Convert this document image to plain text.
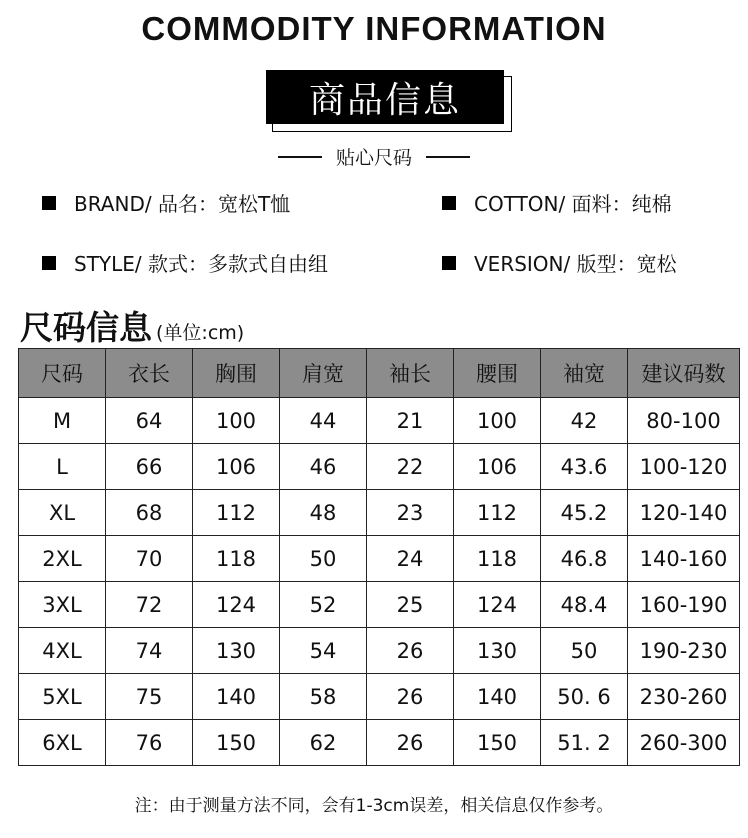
COMMODITY INFORMATION
商品信息
贴心尺码
BRAND/ 品名：宽松T恤	COTTON/ 面料：纯棉
STYLE/ 款式：多款式自由组	VERSION/ 版型：宽松
尺码信息 (单位:cm)
尺码	衣长	胸围	肩宽	袖长	腰围	袖宽	建议码数
M	64	100	44	21	100	42	80-100
L	66	106	46	22	106	43.6	100-120
XL	68	112	48	23	112	45.2	120-140
2XL	70	118	50	24	118	46.8	140-160
3XL	72	124	52	25	124	48.4	160-190
4XL	74	130	54	26	130	50	190-230
5XL	75	140	58	26	140	50. 6	230-260
6XL	76	150	62	26	150	51. 2	260-300
注：由于测量方法不同，会有1-3cm误差，相关信息仅作参考。
